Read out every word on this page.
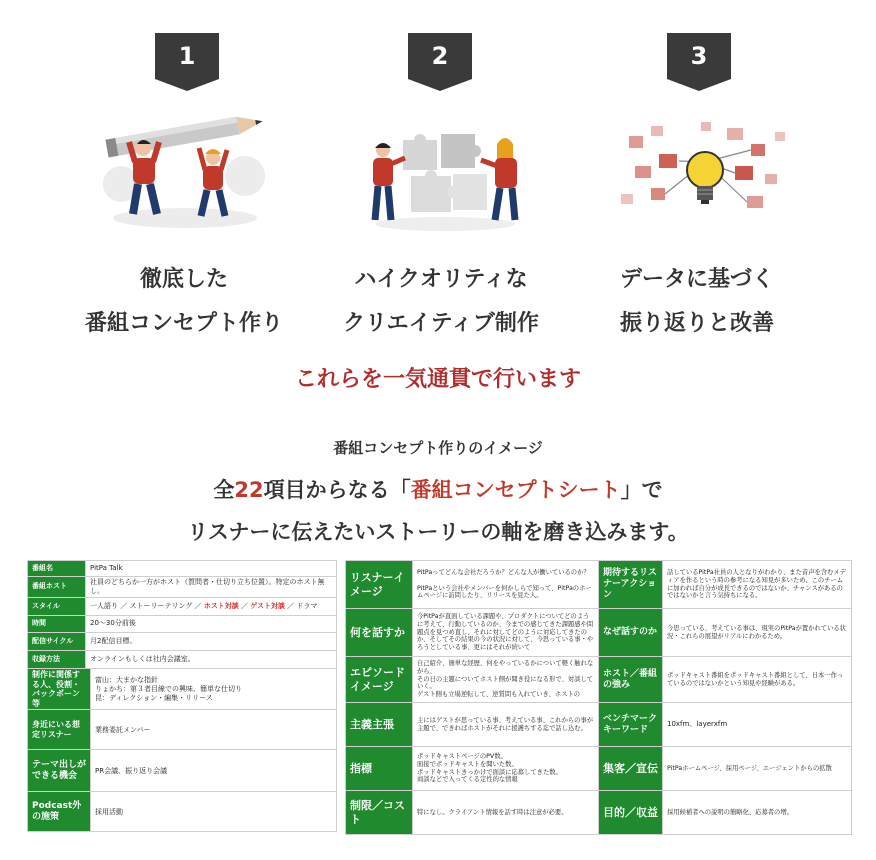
1	2	3
徹底した
番組コンセプト作り
ハイクオリティな
クリエイティブ制作
データに基づく
振り返りと改善
これらを一気通貫で行います
番組コンセプト作りのイメージ
全22項目からなる「番組コンセプトシート」で
リスナーに伝えたいストーリーの軸を磨き込みます。
番組名	PitPa Talk
番組ホスト	社員のどちらか一方がホスト（質問者・仕切り立ち位置）。特定のホスト無し。
スタイル	一人語り ／ ストーリーテリング ／ ホスト対談 ／ ゲスト対談 ／ ドラマ
時間	20〜30分前後
配信サイクル	月2配信目標。
収録方法	オンラインもしくは社内会議室。
制作に関係する人、役割・バックボーン等	富山：大まかな指針
りょかち：第３者目線での興味、簡単な仕切り
昆：ディレクション・編集・リリース
身近にいる想定リスナー	業務委託メンバー
テーマ出しができる機会	PR会議、振り返り会議
Podcast外の施策	採用活動
リスナーイメージ	PitPaってどんな会社だろうか？どんな人が働いているのか？

PitPaという会社やメンバーを何かしらで知って、PitPaのホームページに訪問したり、リリースを見た人。	期待するリスナーアクション	話しているPitPa社員の人となりがわかり、また音声を含むメディアを作るという時の参考になる知見が多いため、このチームに加われば自分が成長できるのではないか、チャンスがあるのではないかと言う気持ちになる。
何を話すか	今PitPaが直面している課題や、プロダクトについてどのように考えて、行動しているのか、今までの感じてきた課題感や問題点を見つめ直し、それに対してどのように対応してきたのか、そしてその結果の今の状況に対して、今思っている事・やろうとしている事、更にはそれが続いて	なぜ話すのか	今思っている、考えている事は、現実のPitPaが置かれている状況・これらの展望がリアルにわかるため。
エピソードイメージ	自己紹介、簡単な経歴、何をやっているかについて軽く触れながら、
その日の主題についてホスト側が聞き役になる形で、対談していく。
ゲスト側も立場逆転して、逆質問も入れていき、ホストの	ホスト／番組の強み	ポッドキャスト番組をポッドキャスト番組として、日本一作っているのではないかという知見や経験がある。
主義主張	主にはゲストが思っている事、考えている事、これからの事が主題で、できればホストがそれに援護ちする迄で話し込む。	ベンチマークキーワード	10xfm、layerxfm
指標	ポッドキャストページのPV数。
面接でポッドキャストを聞いた数。
ポッドキャストきっかけで面談に応募してきた数。
商談などで入ってくる定性的な情報	集客／宣伝	PitPaホームページ、採用ページ、エージェントからの拡散
制限／コスト	特になし。クライアント情報を話す時は注意が必要。	目的／収益	採用候補者への説明の簡略化、応募者の増。
